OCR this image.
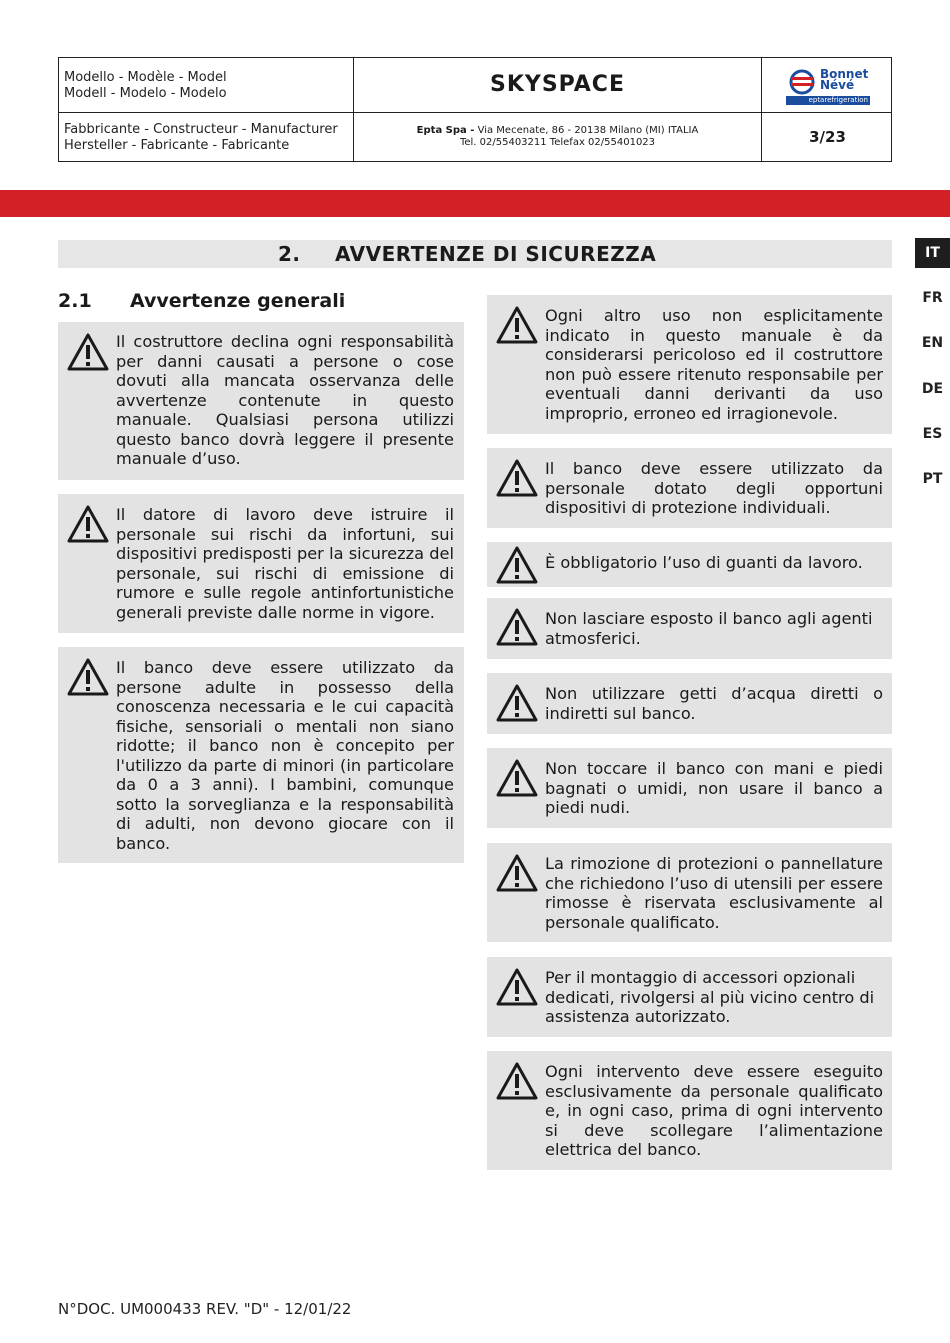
Modello - Modèle - Model
Modell - Modelo - Modelo	SKYSPACE	Bonnet
Névé
eptarefrigeration
Fabbricante - Constructeur - Manufacturer
Hersteller - Fabricante - Fabricante
Epta Spa - Via Mecenate, 86 - 20138 Milano (MI) ITALIA
Tel. 02/55403211 Telefax 02/55401023	3/23
2. AVVERTENZE DI SICUREZZA	IT
FR
EN
DE
ES
PT
2.1 Avvertenze generali

Il costruttore declina ogni responsabilità per danni causati a persone o cose dovuti alla mancata osservanza delle avvertenze contenute in questo manuale. Qualsiasi persona utilizzi questo banco dovrà leggere il presente manuale d’uso.

Il datore di lavoro deve istruire il personale sui rischi da infortuni, sui dispositivi predisposti per la sicurezza del personale, sui rischi di emissione di rumore e sulle regole antinfortunistiche generali previste dalle norme in vigore.

Il banco deve essere utilizzato da persone adulte in possesso della conoscenza necessaria e le cui capacità fisiche, sensoriali o mentali non siano ridotte; il banco non è concepito per l'utilizzo da parte di minori (in particolare da 0 a 3 anni). I bambini, comunque sotto la sorveglianza e la responsabilità di adulti, non devono giocare con il banco.

Ogni altro uso non esplicitamente indicato in questo manuale è da considerarsi pericoloso ed il costruttore non può essere ritenuto responsabile per eventuali danni derivanti da uso improprio, erroneo ed irragionevole.

Il banco deve essere utilizzato da personale dotato degli opportuni dispositivi di protezione individuali.

È obbligatorio l’uso di guanti da lavoro.

Non lasciare esposto il banco agli agenti atmosferici.

Non utilizzare getti d’acqua diretti o indiretti sul banco.

Non toccare il banco con mani e piedi bagnati o umidi, non usare il banco a piedi nudi.

La rimozione di protezioni o pannellature che richiedono l’uso di utensili per essere rimosse è riservata esclusivamente al personale qualificato.

Per il montaggio di accessori opzionali dedicati, rivolgersi al più vicino centro di assistenza autorizzato.

Ogni intervento deve essere eseguito esclusivamente da personale qualificato e, in ogni caso, prima di ogni intervento si deve scollegare l’alimentazione elettrica del banco.

N°DOC. UM000433 REV. "D" - 12/01/22
